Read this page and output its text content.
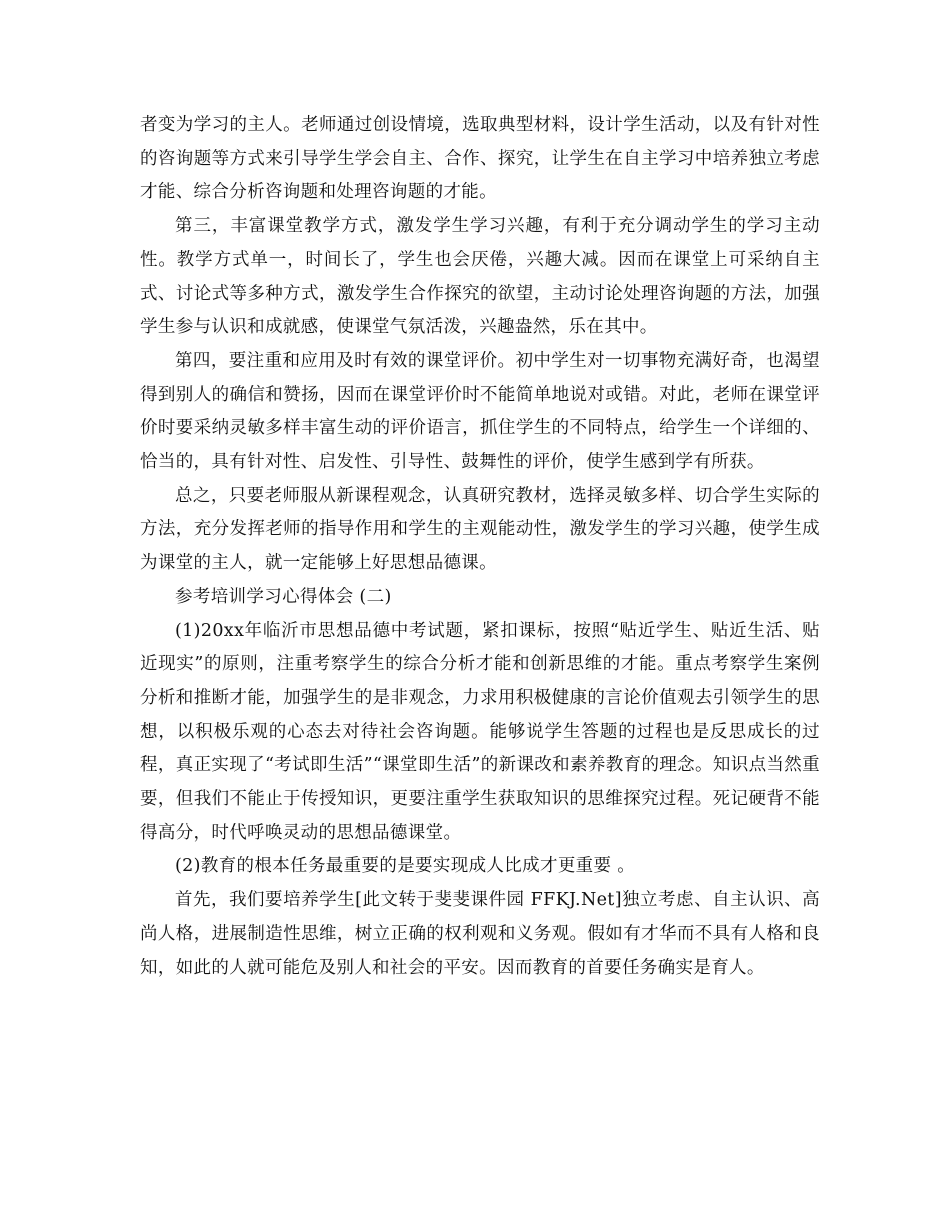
者变为学习的主人。老师通过创设情境，选取典型材料，设计学生活动，以及有针对性的咨询题等方式来引导学生学会自主、合作、探究，让学生在自主学习中培养独立考虑才能、综合分析咨询题和处理咨询题的才能。

第三，丰富课堂教学方式，激发学生学习兴趣，有利于充分调动学生的学习主动性。教学方式单一，时间长了，学生也会厌倦，兴趣大减。因而在课堂上可采纳自主式、讨论式等多种方式，激发学生合作探究的欲望，主动讨论处理咨询题的方法，加强学生参与认识和成就感，使课堂气氛活泼，兴趣盎然，乐在其中。

第四，要注重和应用及时有效的课堂评价。初中学生对一切事物充满好奇，也渴望得到别人的确信和赞扬，因而在课堂评价时不能简单地说对或错。对此，老师在课堂评价时要采纳灵敏多样丰富生动的评价语言，抓住学生的不同特点，给学生一个详细的、恰当的，具有针对性、启发性、引导性、鼓舞性的评价，使学生感到学有所获。

总之，只要老师服从新课程观念，认真研究教材，选择灵敏多样、切合学生实际的方法，充分发挥老师的指导作用和学生的主观能动性，激发学生的学习兴趣，使学生成为课堂的主人，就一定能够上好思想品德课。

参考培训学习心得体会 (二)

(1)20xx年临沂市思想品德中考试题，紧扣课标，按照“贴近学生、贴近生活、贴近现实”的原则，注重考察学生的综合分析才能和创新思维的才能。重点考察学生案例分析和推断才能，加强学生的是非观念，力求用积极健康的言论价值观去引领学生的思想，以积极乐观的心态去对待社会咨询题。能够说学生答题的过程也是反思成长的过程，真正实现了“考试即生活”“课堂即生活”的新课改和素养教育的理念。知识点当然重要，但我们不能止于传授知识，更要注重学生获取知识的思维探究过程。死记硬背不能得高分，时代呼唤灵动的思想品德课堂。

(2)教育的根本任务最重要的是要实现成人比成才更重要 。

首先，我们要培养学生[此文转于斐斐课件园 FFKJ.Net]独立考虑、自主认识、高尚人格，进展制造性思维，树立正确的权利观和义务观。假如有才华而不具有人格和良知，如此的人就可能危及别人和社会的平安。因而教育的首要任务确实是育人。
